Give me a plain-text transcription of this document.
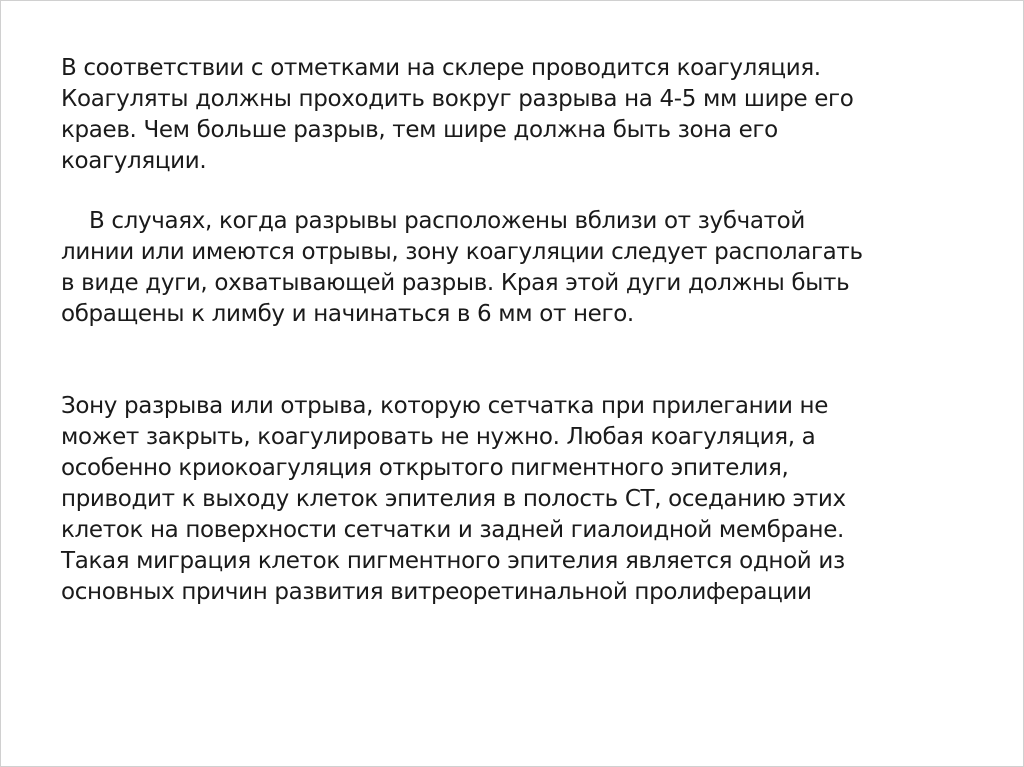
В соответствии с отметками на склере проводится коагуляция.
Коагуляты должны проходить вокруг разрыва на 4-5 мм шире его
краев. Чем больше разрыв, тем шире должна быть зона его
коагуляции.
В случаях, когда разрывы расположены вблизи от зубчатой
линии или имеются отрывы, зону коагуляции следует располагать
в виде дуги, охватывающей разрыв. Края этой дуги должны быть
обращены к лимбу и начинаться в 6 мм от него.
Зону разрыва или отрыва, которую сетчатка при прилегании не
может закрыть, коагулировать не нужно. Любая коагуляция, а
особенно криокоагуляция открытого пигментного эпителия,
приводит к выходу клеток эпителия в полость СТ, оседанию этих
клеток на поверхности сетчатки и задней гиалоидной мембране.
Такая миграция клеток пигментного эпителия является одной из
основных причин развития витреоретинальной пролиферации
